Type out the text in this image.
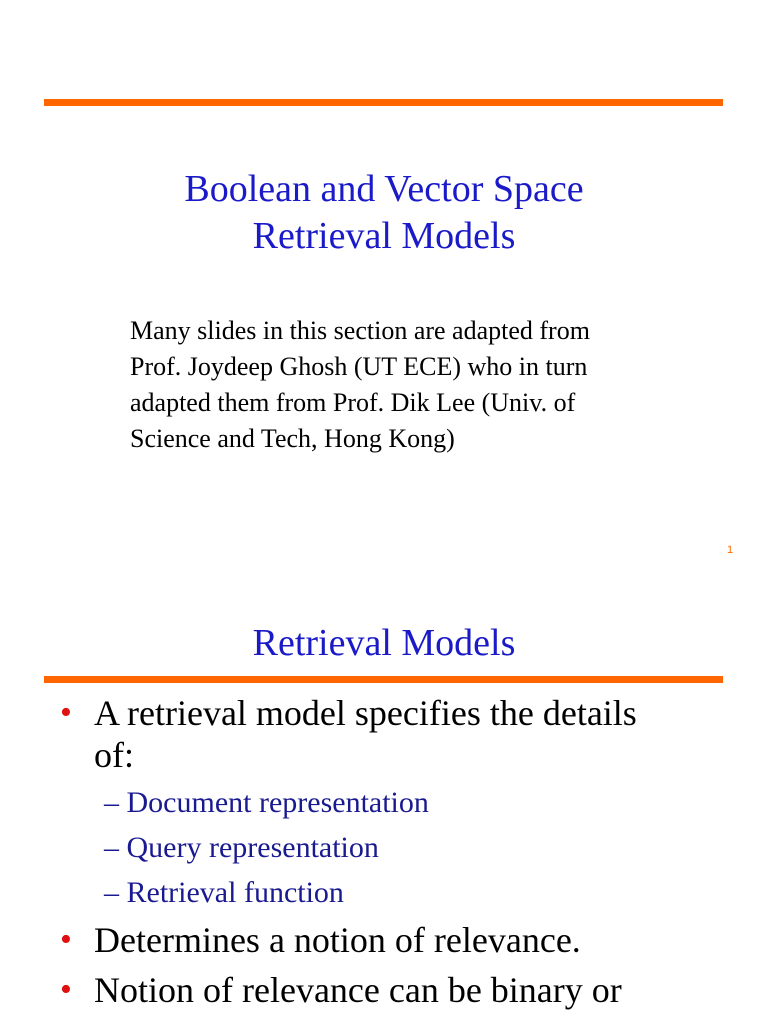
Boolean and Vector Space
Retrieval Models
Many slides in this section are adapted from
Prof. Joydeep Ghosh (UT ECE) who in turn
adapted them from Prof. Dik Lee (Univ. of
Science and Tech, Hong Kong)
1
Retrieval Models
• A retrieval model specifies the details
of:
– Document representation
– Query representation
– Retrieval function
• Determines a notion of relevance.
• Notion of relevance can be binary or
